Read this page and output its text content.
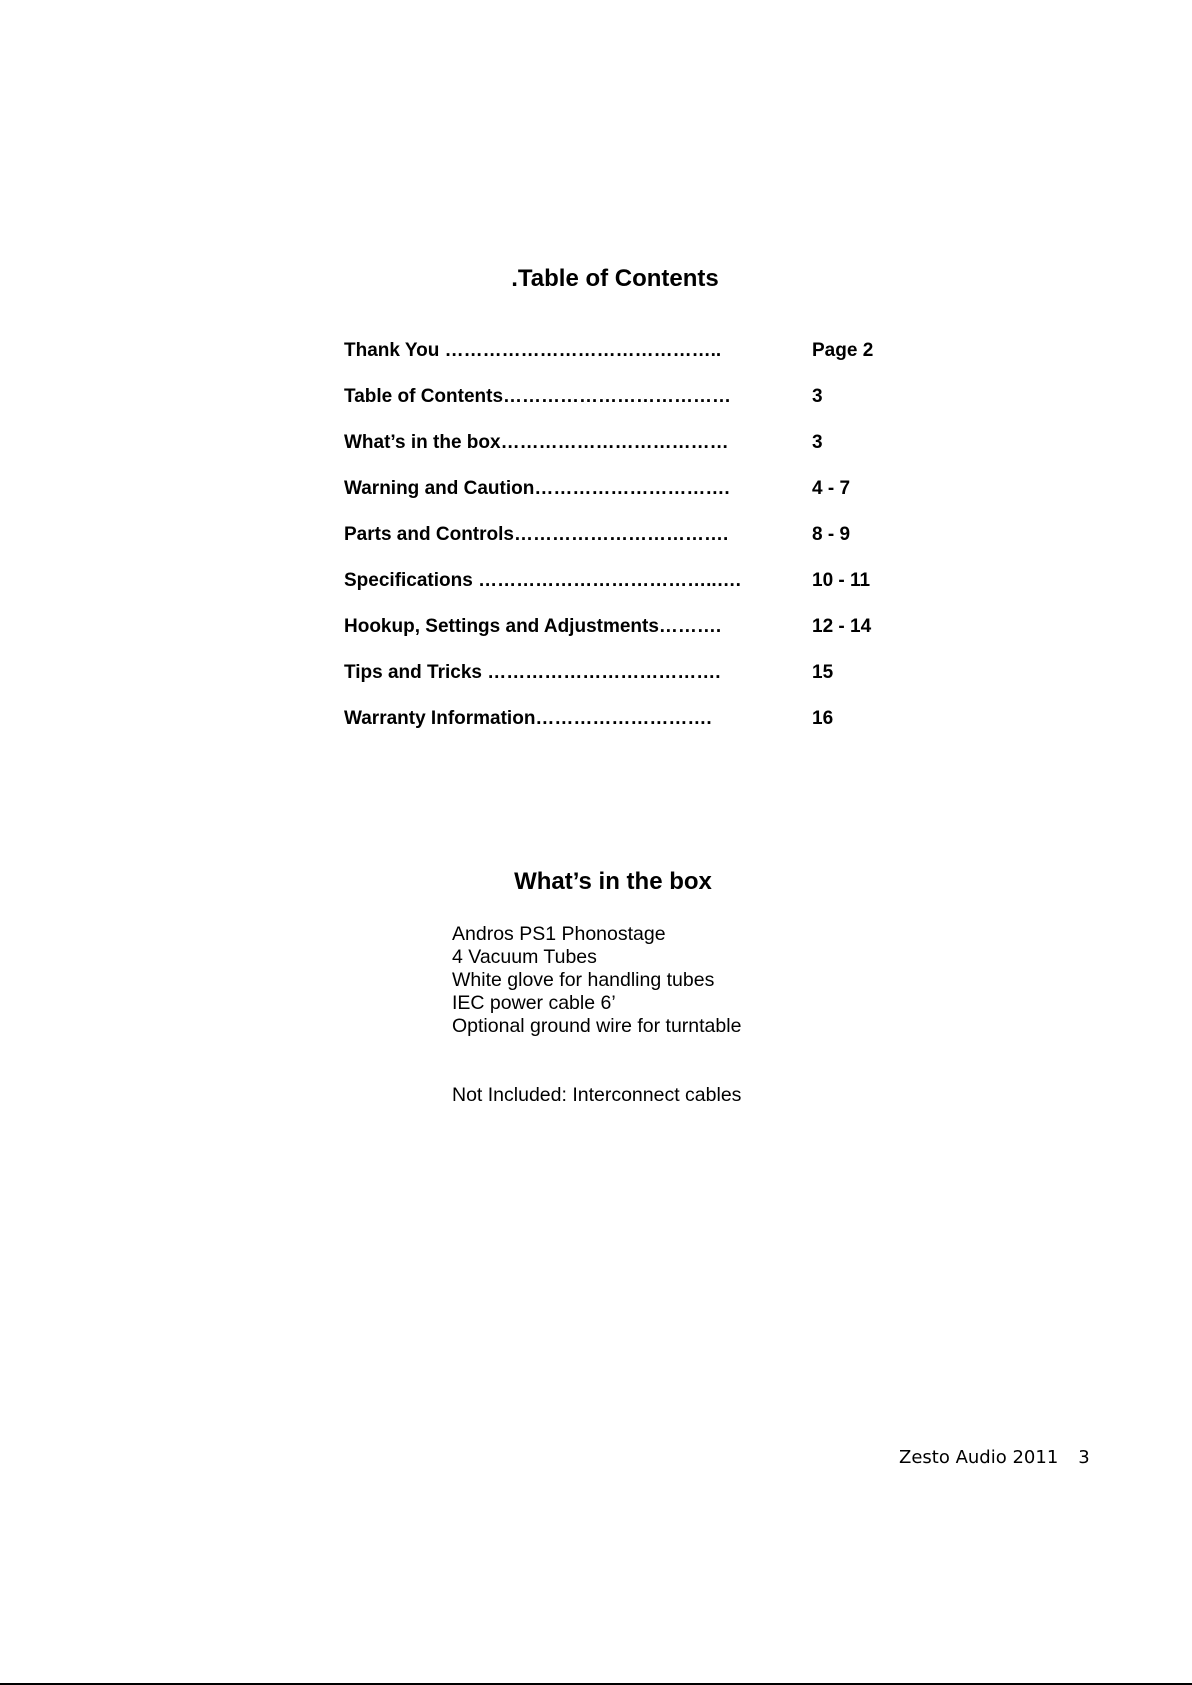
.Table of Contents
Thank You ……………………………………..	Page 2
Table of Contents………………………………	3
What’s in the box………………………………	3
Warning and Caution………………………….	4 - 7
Parts and Controls…………………………….	8 - 9
Specifications ………………………………..….	10 - 11
Hookup, Settings and Adjustments……….	12 - 14
Tips and Tricks ……………………………….	15
Warranty Information……………………….	16
What’s in the box
Andros PS1 Phonostage
4 Vacuum Tubes
White glove for handling tubes
IEC power cable 6’
Optional ground wire for turntable
Not Included: Interconnect cables
Zesto Audio 2011 3
